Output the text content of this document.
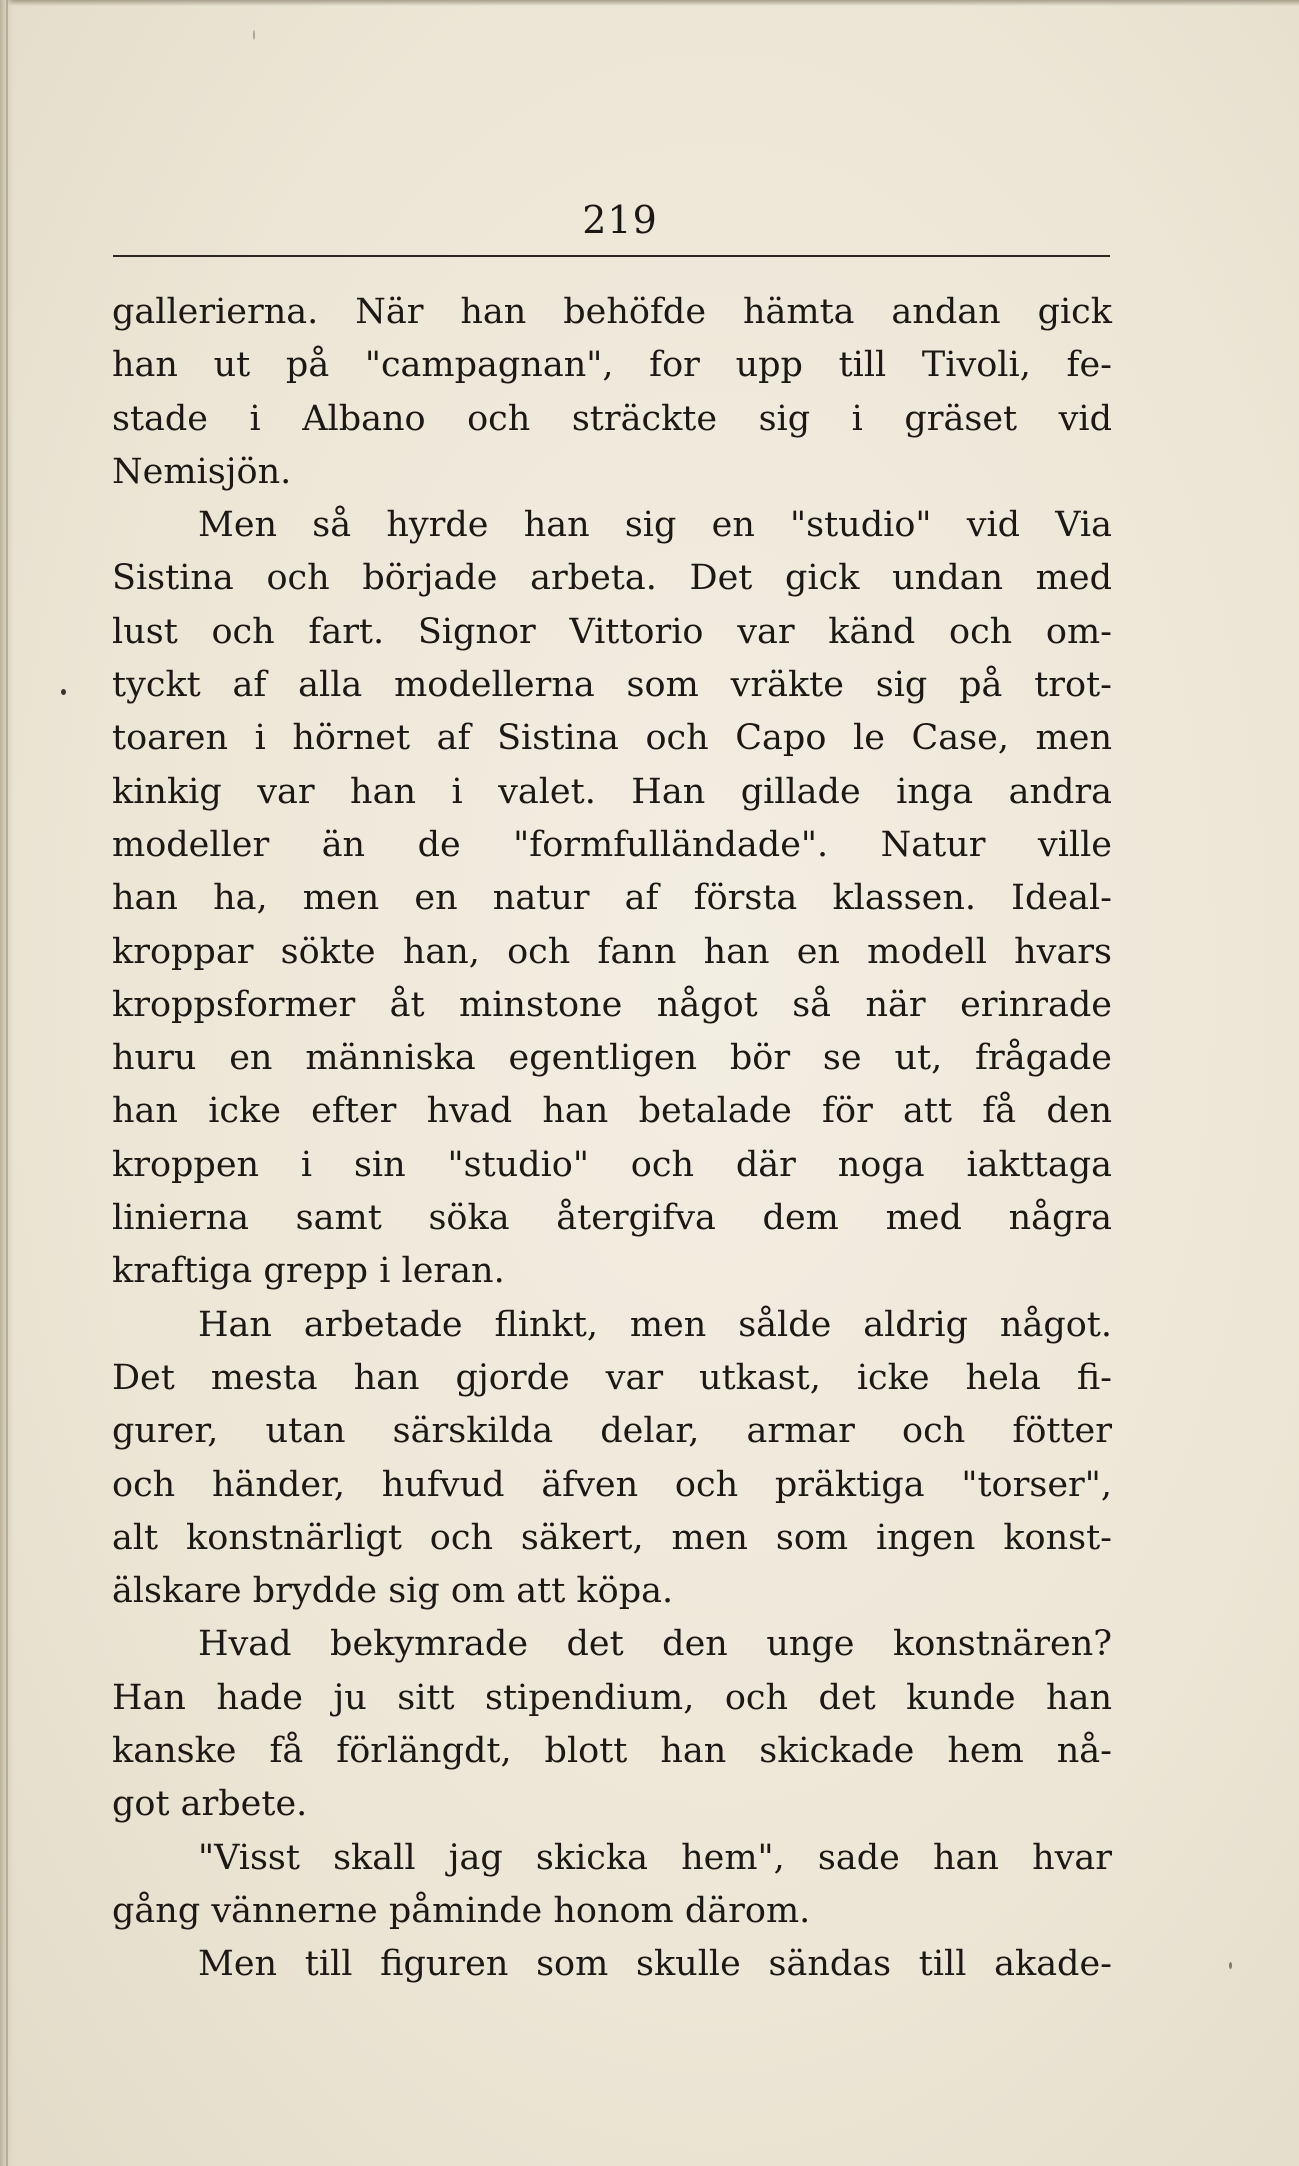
219
gallerierna. När han behöfde hämta andan gick
han ut på "campagnan", for upp till Tivoli, fe-
stade i Albano och sträckte sig i gräset vid
Nemisjön.
Men så hyrde han sig en "studio" vid Via
Sistina och började arbeta. Det gick undan med
lust och fart. Signor Vittorio var känd och om-
tyckt af alla modellerna som vräkte sig på trot-
toaren i hörnet af Sistina och Capo le Case, men
kinkig var han i valet. Han gillade inga andra
modeller än de "formfulländade". Natur ville
han ha, men en natur af första klassen. Ideal-
kroppar sökte han, och fann han en modell hvars
kroppsformer åt minstone något så när erinrade
huru en människa egentligen bör se ut, frågade
han icke efter hvad han betalade för att få den
kroppen i sin "studio" och där noga iakttaga
linierna samt söka återgifva dem med några
kraftiga grepp i leran.
Han arbetade flinkt, men sålde aldrig något.
Det mesta han gjorde var utkast, icke hela fi-
gurer, utan särskilda delar, armar och fötter
och händer, hufvud äfven och präktiga "torser",
alt konstnärligt och säkert, men som ingen konst-
älskare brydde sig om att köpa.
Hvad bekymrade det den unge konstnären?
Han hade ju sitt stipendium, och det kunde han
kanske få förlängdt, blott han skickade hem nå-
got arbete.
"Visst skall jag skicka hem", sade han hvar
gång vännerne påminde honom därom.
Men till figuren som skulle sändas till akade-
